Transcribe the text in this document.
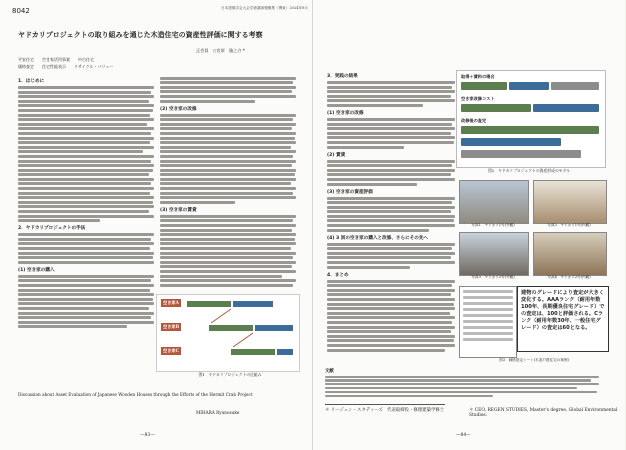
8042	日本建築学会大会学術講演梗概集（関東）2024年8月
ヤドカリプロジェクトの取り組みを通じた木造住宅の資産性評価に関する考察
正会員　○宮原　隆之介 *
平安住宅 空き家活用事業 中古住宅
価格査定 住宅性能表示 リサイクル・バリュー
1．はじめに
2．ヤドカリプロジェクトの手法
(1) 空き家の購入
(2) 空き家の改修
(3) 空き家の賃貸
空き家A
空き家B
空き家C
図1　ヤドカリプロジェクトの仕組み
Discussion about Asset Evaluation of Japanese Wooden Houses through the Efforts of the Hermit Crab Project
MIHARA Ryunosuke
—83—
3．実践の結果
(1) 空き家の改修
(2) 賃貸
(3) 空き家の資産評価
(4) 3 回の空き家の購入と改修、さらにその先へ
4．まとめ
取得＋賃料の場合
空き家改修コスト
改修後の査定
図2　ヤドカリプロジェクトの資産形成のモデル
写真1　ヤドカリ1号(外観)	写真2　ヤドカリ1号(内観)
写真3　ヤドカリ2号(外観)	写真4　ヤドカリ2号(内観)
建物のグレードにより査定が大きく変化する。AAAランク（耐用年数100年、長期優良住宅グレード）での査定は、100と評価される。Cランク（耐用年数30年、一般住宅グレード）の査定は60となる。
図3　価格査定シート(木造戸建住宅の事例)
文献
＊ リージェン・スタディーズ　代表取締役・修理建築学修士	＊ CEO, REGEN STUDIES, Master's degree, Global Environmental Studies.
—84—
